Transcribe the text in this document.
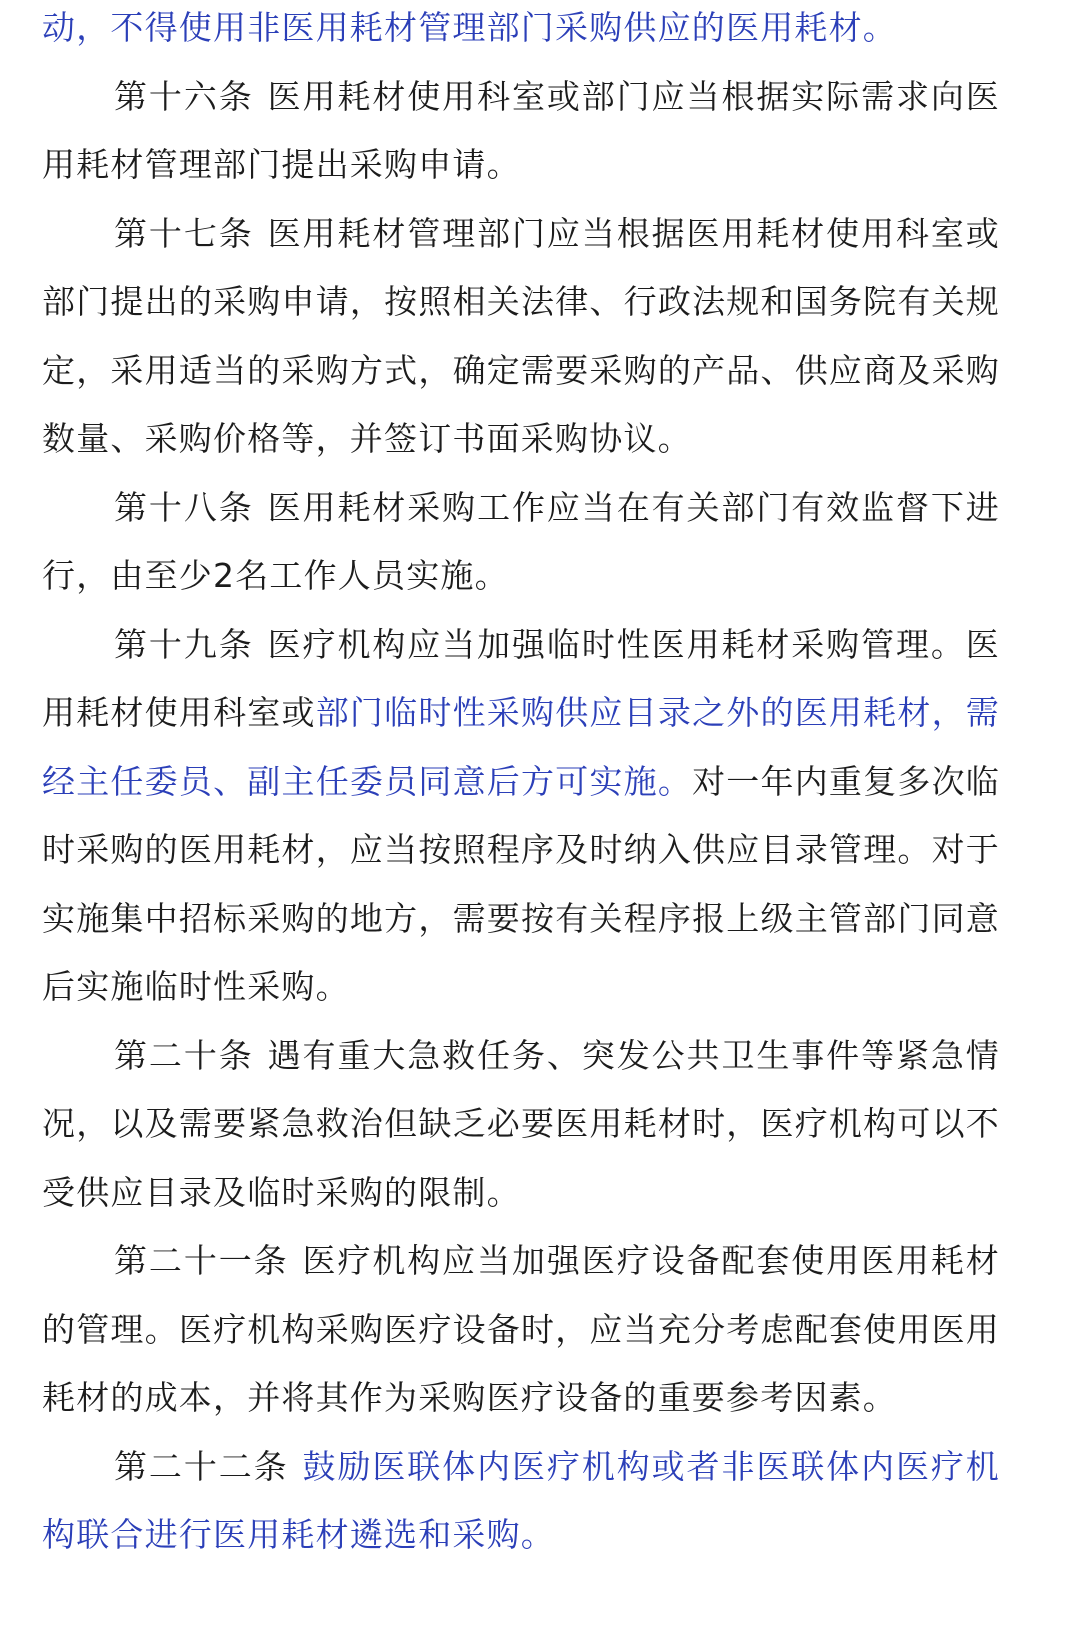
动，不得使用非医用耗材管理部门采购供应的医用耗材。

第十六条 医用耗材使用科室或部门应当根据实际需求向医用耗材管理部门提出采购申请。

第十七条 医用耗材管理部门应当根据医用耗材使用科室或部门提出的采购申请，按照相关法律、行政法规和国务院有关规定，采用适当的采购方式，确定需要采购的产品、供应商及采购数量、采购价格等，并签订书面采购协议。

第十八条 医用耗材采购工作应当在有关部门有效监督下进行，由至少2名工作人员实施。

第十九条 医疗机构应当加强临时性医用耗材采购管理。医用耗材使用科室或部门临时性采购供应目录之外的医用耗材，需经主任委员、副主任委员同意后方可实施。对一年内重复多次临时采购的医用耗材，应当按照程序及时纳入供应目录管理。对于实施集中招标采购的地方，需要按有关程序报上级主管部门同意后实施临时性采购。

第二十条 遇有重大急救任务、突发公共卫生事件等紧急情况，以及需要紧急救治但缺乏必要医用耗材时，医疗机构可以不受供应目录及临时采购的限制。

第二十一条 医疗机构应当加强医疗设备配套使用医用耗材的管理。医疗机构采购医疗设备时，应当充分考虑配套使用医用耗材的成本，并将其作为采购医疗设备的重要参考因素。

第二十二条 鼓励医联体内医疗机构或者非医联体内医疗机构联合进行医用耗材遴选和采购。
